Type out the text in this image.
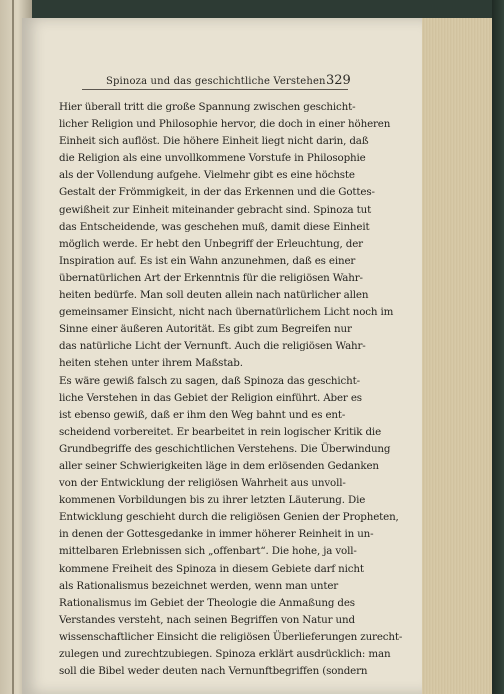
Spinoza und das geschichtliche Verstehen 329
Hier überall tritt die große Spannung zwischen geschicht-
licher Religion und Philosophie hervor, die doch in einer höheren
Einheit sich auflöst. Die höhere Einheit liegt nicht darin, daß
die Religion als eine unvollkommene Vorstufe in Philosophie
als der Vollendung aufgehe. Vielmehr gibt es eine höchste
Gestalt der Frömmigkeit, in der das Erkennen und die Gottes-
gewißheit zur Einheit miteinander gebracht sind. Spinoza tut
das Entscheidende, was geschehen muß, damit diese Einheit
möglich werde. Er hebt den Unbegriff der Erleuchtung, der
Inspiration auf. Es ist ein Wahn anzunehmen, daß es einer
übernatürlichen Art der Erkenntnis für die religiösen Wahr-
heiten bedürfe. Man soll deuten allein nach natürlicher allen
gemeinsamer Einsicht, nicht nach übernatürlichem Licht noch im
Sinne einer äußeren Autorität. Es gibt zum Begreifen nur
das natürliche Licht der Vernunft. Auch die religiösen Wahr-
heiten stehen unter ihrem Maßstab.
Es wäre gewiß falsch zu sagen, daß Spinoza das geschicht-
liche Verstehen in das Gebiet der Religion einführt. Aber es
ist ebenso gewiß, daß er ihm den Weg bahnt und es ent-
scheidend vorbereitet. Er bearbeitet in rein logischer Kritik die
Grundbegriffe des geschichtlichen Verstehens. Die Überwindung
aller seiner Schwierigkeiten läge in dem erlösenden Gedanken
von der Entwicklung der religiösen Wahrheit aus unvoll-
kommenen Vorbildungen bis zu ihrer letzten Läuterung. Die
Entwicklung geschieht durch die religiösen Genien der Propheten,
in denen der Gottesgedanke in immer höherer Reinheit in un-
mittelbaren Erlebnissen sich „offenbart“. Die hohe, ja voll-
kommene Freiheit des Spinoza in diesem Gebiete darf nicht
als Rationalismus bezeichnet werden, wenn man unter
Rationalismus im Gebiet der Theologie die Anmaßung des
Verstandes versteht, nach seinen Begriffen von Natur und
wissenschaftlicher Einsicht die religiösen Überlieferungen zurecht-
zulegen und zurechtzubiegen. Spinoza erklärt ausdrücklich: man
soll die Bibel weder deuten nach Vernunftbegriffen (sondern
